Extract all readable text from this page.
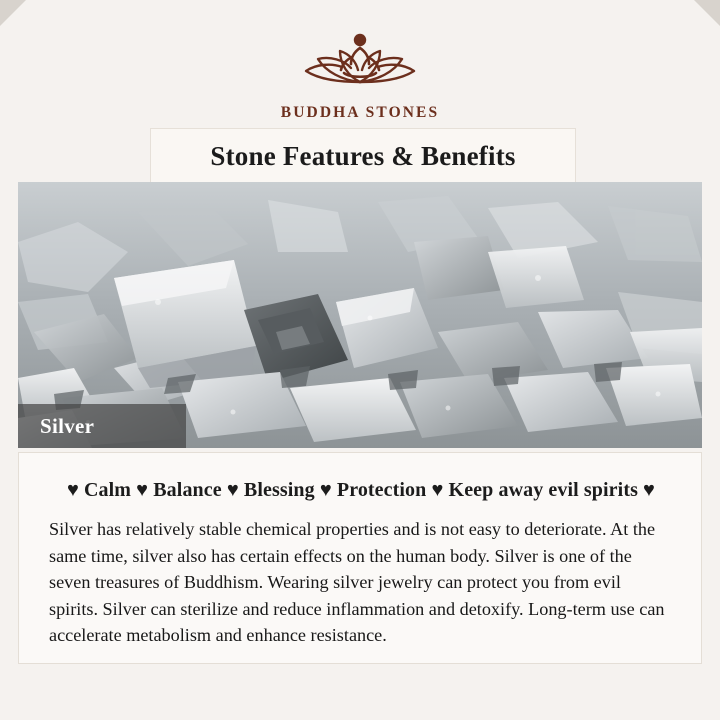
BUDDHA STONES
Stone Features & Benefits
Silver

♥ Calm ♥ Balance ♥ Blessing ♥ Protection ♥ Keep away evil spirits ♥

Silver has relatively stable chemical properties and is not easy to deteriorate. At the same time, silver also has certain effects on the human body. Silver is one of the seven treasures of Buddhism. Wearing silver jewelry can protect you from evil spirits. Silver can sterilize and reduce inflammation and detoxify. Long-term use can accelerate metabolism and enhance resistance.
